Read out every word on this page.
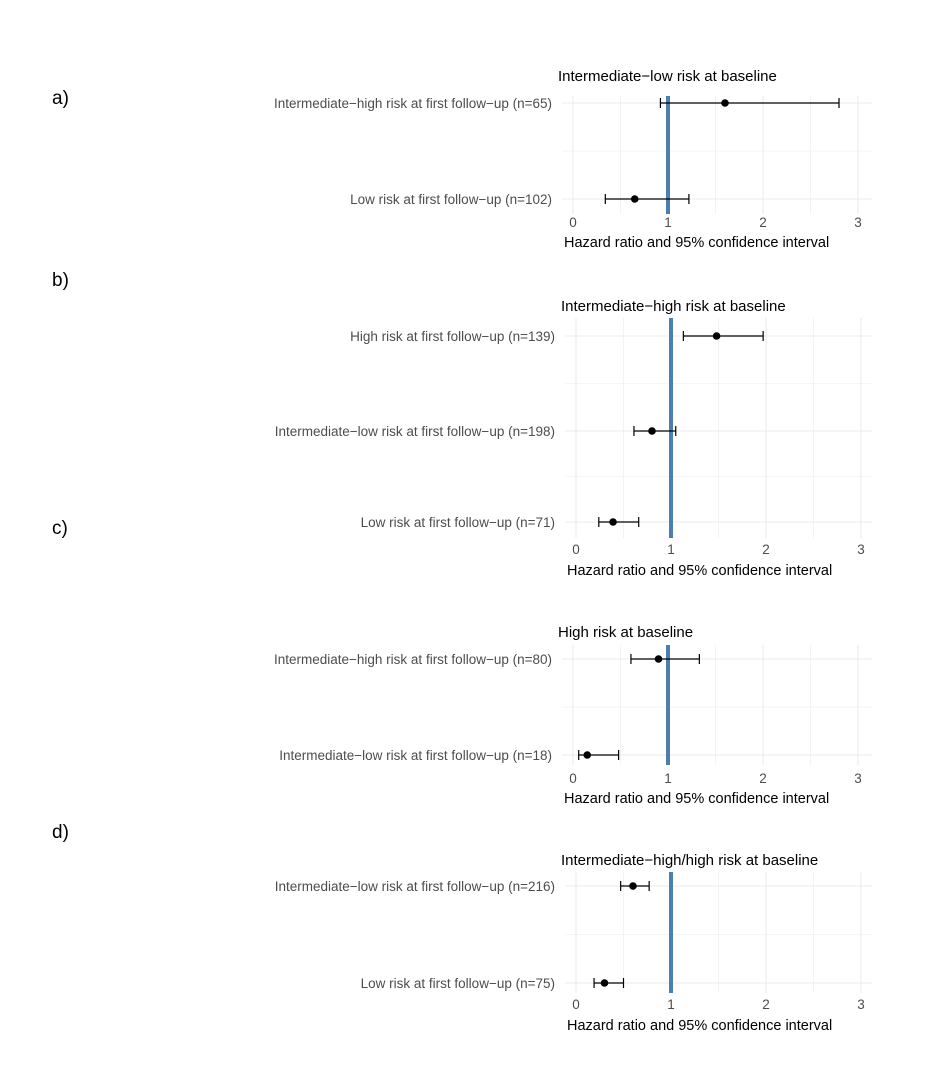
a)
b)
c)
d)
Intermediate−low risk at baseline
Intermediate−high risk at first follow−up (n=65)
Low risk at first follow−up (n=102)
0	1	2	3
Hazard ratio and 95% confidence interval
Intermediate−high risk at baseline
High risk at first follow−up (n=139)
Intermediate−low risk at first follow−up (n=198)
Low risk at first follow−up (n=71)
0	1	2	3
Hazard ratio and 95% confidence interval
High risk at baseline
Intermediate−high risk at first follow−up (n=80)
Intermediate−low risk at first follow−up (n=18)
0	1	2	3
Hazard ratio and 95% confidence interval
Intermediate−high/high risk at baseline
Intermediate−low risk at first follow−up (n=216)
Low risk at first follow−up (n=75)
0	1	2	3
Hazard ratio and 95% confidence interval
